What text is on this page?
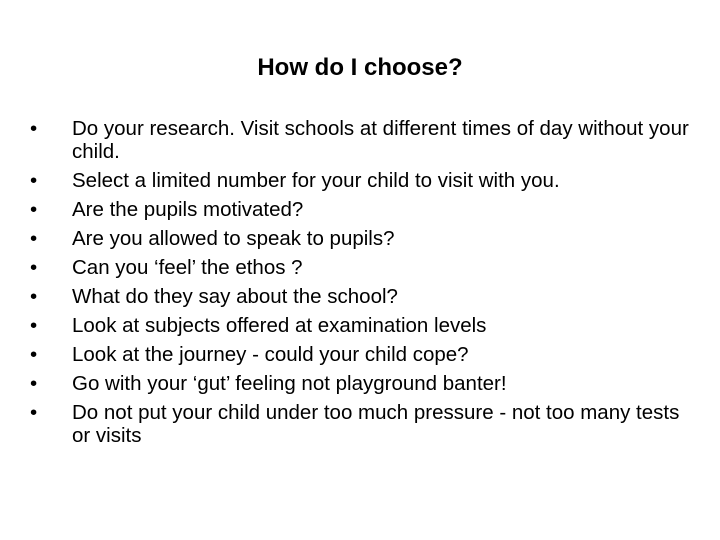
How do I choose?
•	Do your research. Visit schools at different times of day without your child.
•	Select a limited number for your child to visit with you.
•	Are the pupils motivated?
•	Are you allowed to speak to pupils?
•	Can you ‘feel’ the ethos ?
•	What do they say about the school?
•	Look at subjects offered at examination levels
•	Look at the journey - could your child cope?
•	Go with your ‘gut’ feeling not playground banter!
•	Do not put your child under too much pressure - not too many tests or visits
